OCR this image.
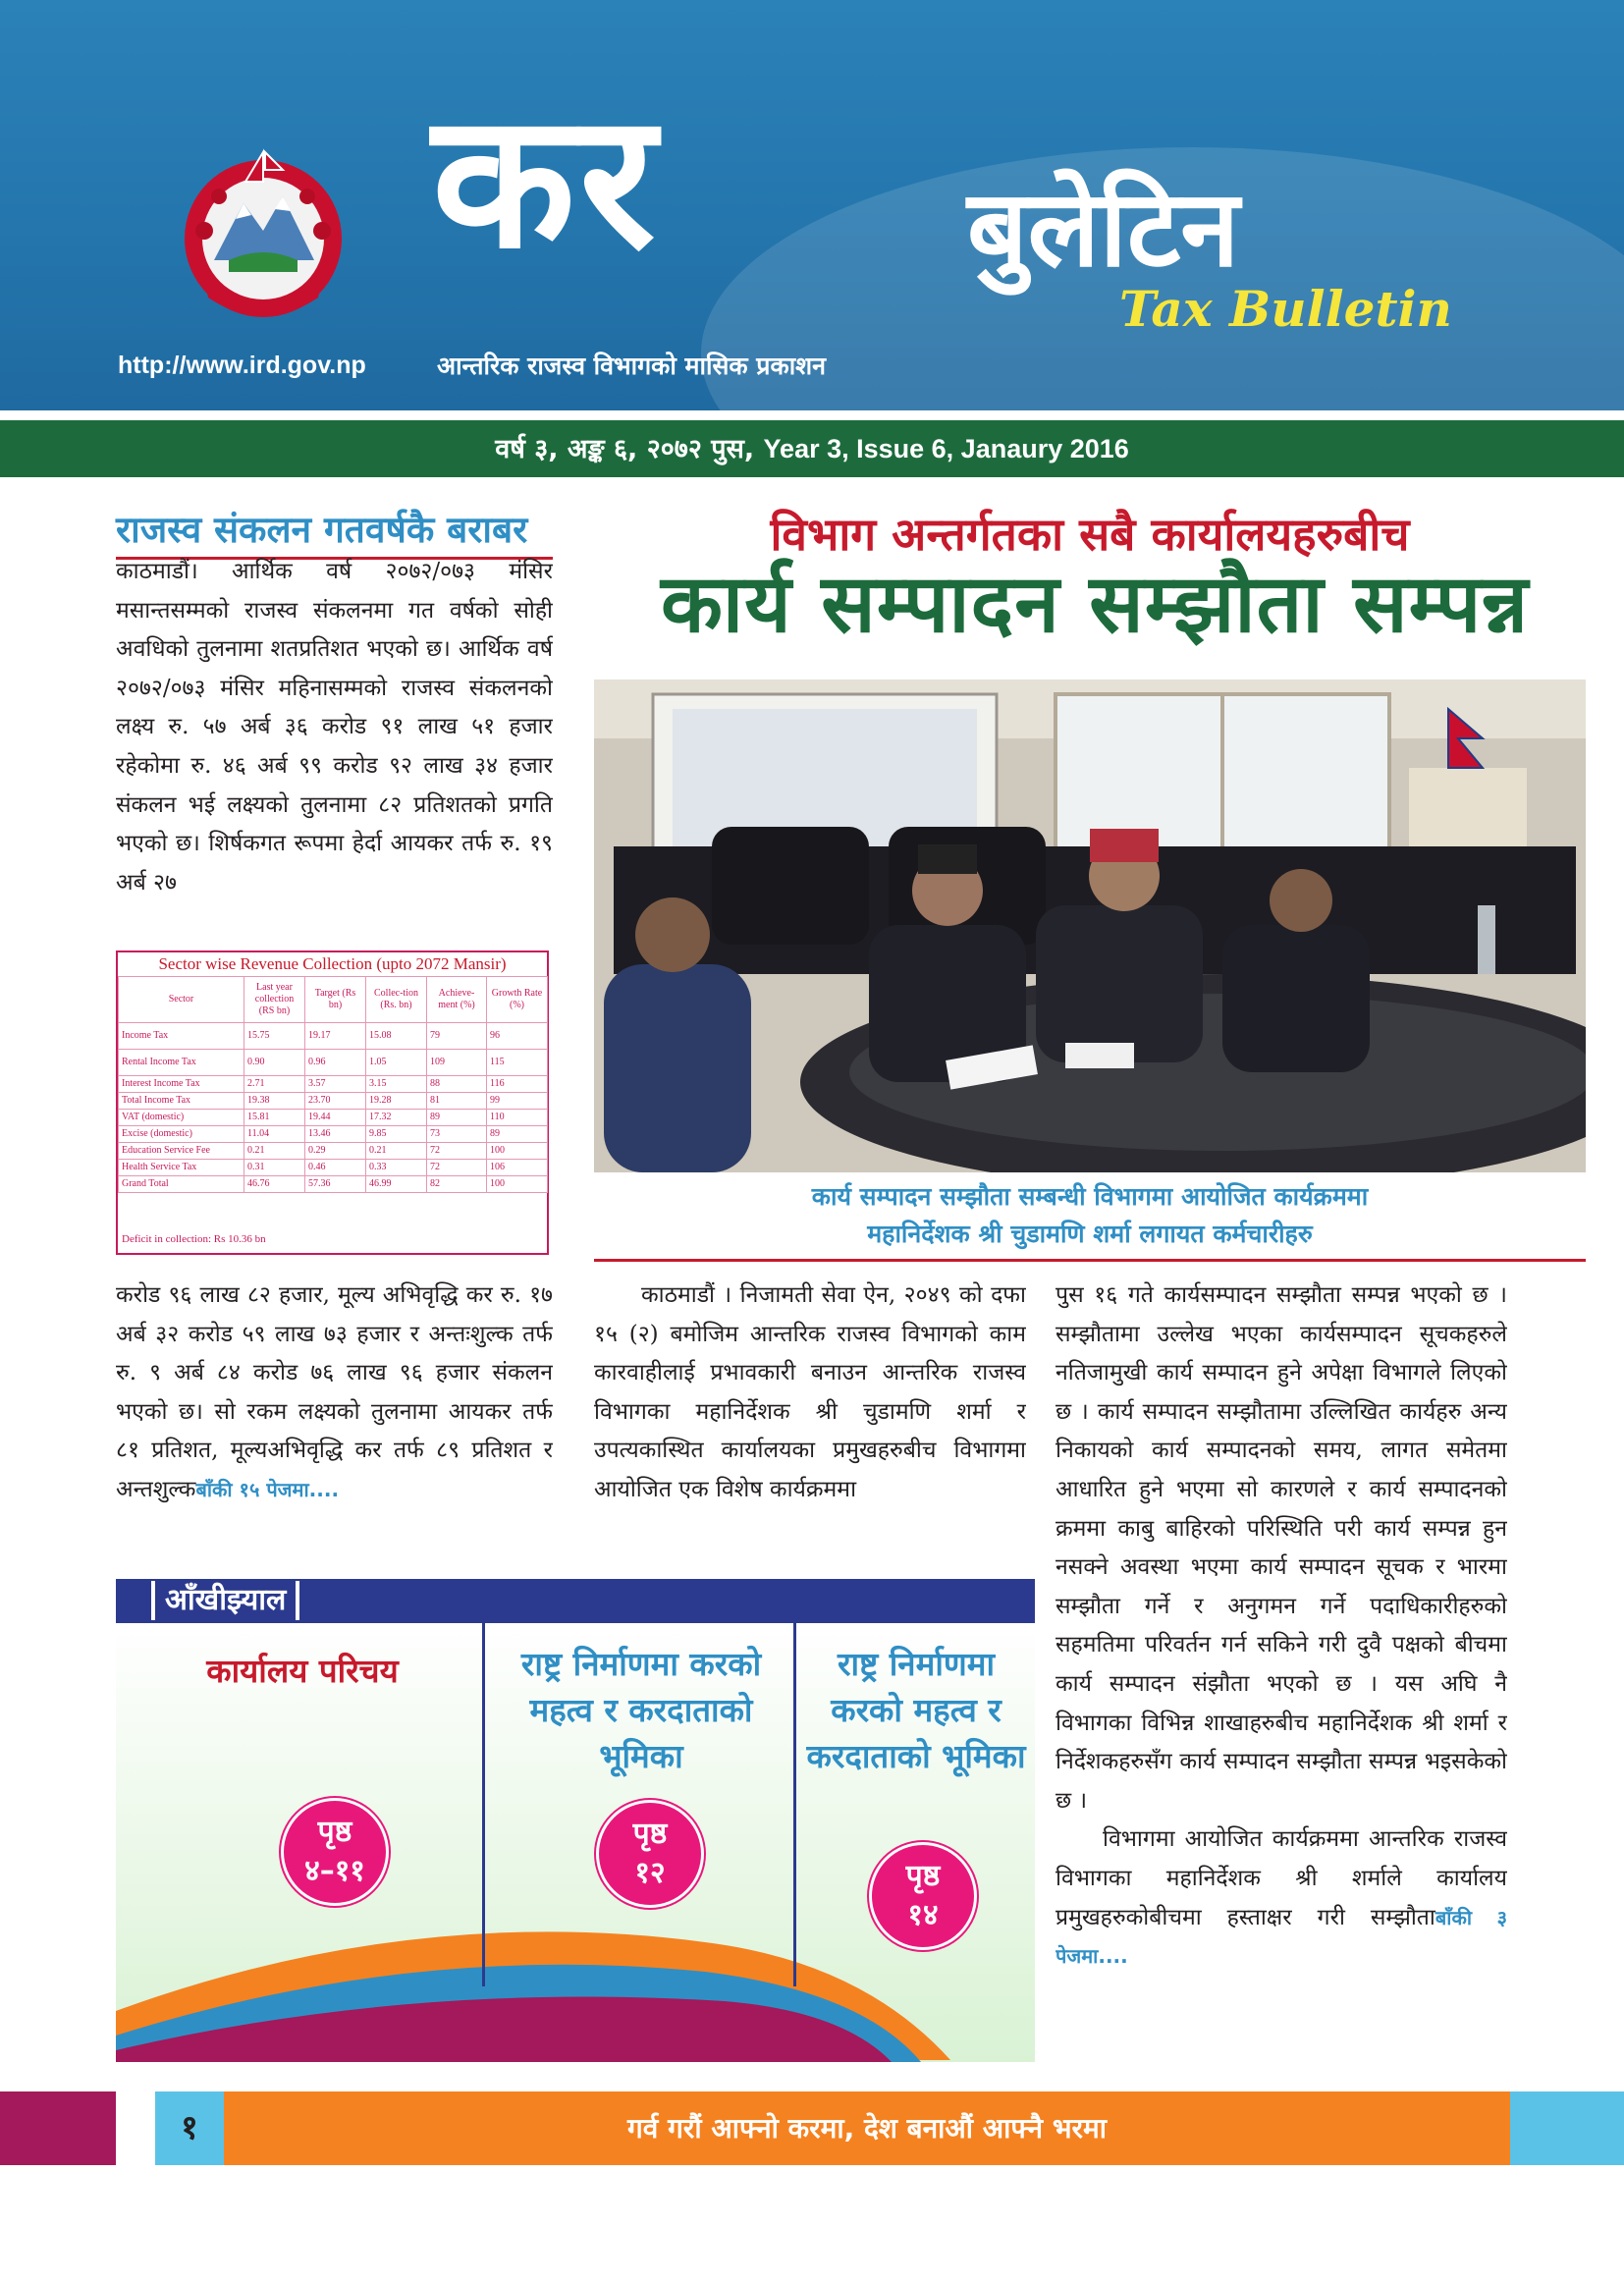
कर	बुलेटिन
Tax Bulletin
http://www.ird.gov.np	आन्तरिक राजस्व विभागको मासिक प्रकाशन
वर्ष ३, अङ्क ६, २०७२ पुस, Year 3, Issue 6, Janaury 2016
राजस्व संकलन गतवर्षकै बराबर
काठमाडौं। आर्थिक वर्ष २०७२/०७३ मंसिर मसान्तसम्मको राजस्व संकलनमा गत वर्षको सोही अवधिको तुलनामा शतप्रतिशत भएको छ। आर्थिक वर्ष २०७२/०७३ मंसिर महिनासम्मको राजस्व संकलनको लक्ष्य रु. ५७ अर्ब ३६ करोड ९१ लाख ५१ हजार रहेकोमा रु. ४६ अर्ब ९९ करोड ९२ लाख ३४ हजार संकलन भई लक्ष्यको तुलनामा ८२ प्रतिशतको प्रगति भएको छ। शिर्षकगत रूपमा हेर्दा आयकर तर्फ रु. १९ अर्ब २७
Sector wise Revenue Collection (upto 2072 Mansir)
Sector	Last year collection (RS bn)	Target (Rs bn)	Collec-tion (Rs. bn)	Achieve-ment (%)	Growth Rate (%)
Income Tax	15.75	19.17	15.08	79	96
Rental Income Tax	0.90	0.96	1.05	109	115
Interest Income Tax	2.71	3.57	3.15	88	116
Total Income Tax	19.38	23.70	19.28	81	99
VAT (domestic)	15.81	19.44	17.32	89	110
Excise (domestic)	11.04	13.46	9.85	73	89
Education Service Fee	0.21	0.29	0.21	72	100
Health Service Tax	0.31	0.46	0.33	72	106
Grand Total	46.76	57.36	46.99	82	100
Deficit in collection: Rs 10.36 bn
करोड ९६ लाख ८२ हजार, मूल्य अभिवृद्धि कर रु. १७ अर्ब ३२ करोड ५९ लाख ७३ हजार र अन्तःशुल्क तर्फ रु. ९ अर्ब ८४ करोड ७६ लाख ९६ हजार संकलन भएको छ। सो रकम लक्ष्यको तुलनामा आयकर तर्फ ८१ प्रतिशत, मूल्यअभिवृद्धि कर तर्फ ८९ प्रतिशत र अन्तशुल्कबाँकी १५ पेजमा....
विभाग अन्तर्गतका सबै कार्यालयहरुबीच
कार्य सम्पादन सम्झौता सम्पन्न
कार्य सम्पादन सम्झौता सम्बन्धी विभागमा आयोजित कार्यक्रममा
महानिर्देशक श्री चुडामणि शर्मा लगायत कर्मचारीहरु
काठमाडौं । निजामती सेवा ऐन, २०४९ को दफा १५ (२) बमोजिम आन्तरिक राजस्व विभागको काम कारवाहीलाई प्रभावकारी बनाउन आन्तरिक राजस्व विभागका महानिर्देशक श्री चुडामणि शर्मा र उपत्यकास्थित कार्यालयका प्रमुखहरुबीच विभागमा आयोजित एक विशेष कार्यक्रममा
पुस १६ गते कार्यसम्पादन सम्झौता सम्पन्न भएको छ । सम्झौतामा उल्लेख भएका कार्यसम्पादन सूचकहरुले नतिजामुखी कार्य सम्पादन हुने अपेक्षा विभागले लिएको छ । कार्य सम्पादन सम्झौतामा उल्लिखित कार्यहरु अन्य निकायको कार्य सम्पादनको समय, लागत समेतमा आधारित हुने भएमा सो कारणले र कार्य सम्पादनको क्रममा काबु बाहिरको परिस्थिति परी कार्य सम्पन्न हुन नसक्ने अवस्था भएमा कार्य सम्पादन सूचक र भारमा सम्झौता गर्ने र अनुगमन गर्ने पदाधिकारीहरुको सहमतिमा परिवर्तन गर्न सकिने गरी दुवै पक्षको बीचमा कार्य सम्पादन संझौता भएको छ । यस अघि नै विभागका विभिन्न शाखाहरुबीच महानिर्देशक श्री शर्मा र निर्देशकहरुसँग कार्य सम्पादन सम्झौता सम्पन्न भइसकेको छ ।
विभागमा आयोजित कार्यक्रममा आन्तरिक राजस्व विभागका महानिर्देशक श्री शर्माले कार्यालय प्रमुखहरुकोबीचमा हस्ताक्षर गरी सम्झौताबाँकी ३ पेजमा....
आँखीझ्याल
कार्यालय परिचय
पृष्ठ
४–११
राष्ट्र निर्माणमा करको महत्व र करदाताको भूमिका
पृष्ठ
१२
राष्ट्र निर्माणमा करको महत्व र करदाताको भूमिका
पृष्ठ
१४
१	गर्व गरौं आफ्नो करमा, देश बनाऔं आफ्नै भरमा
